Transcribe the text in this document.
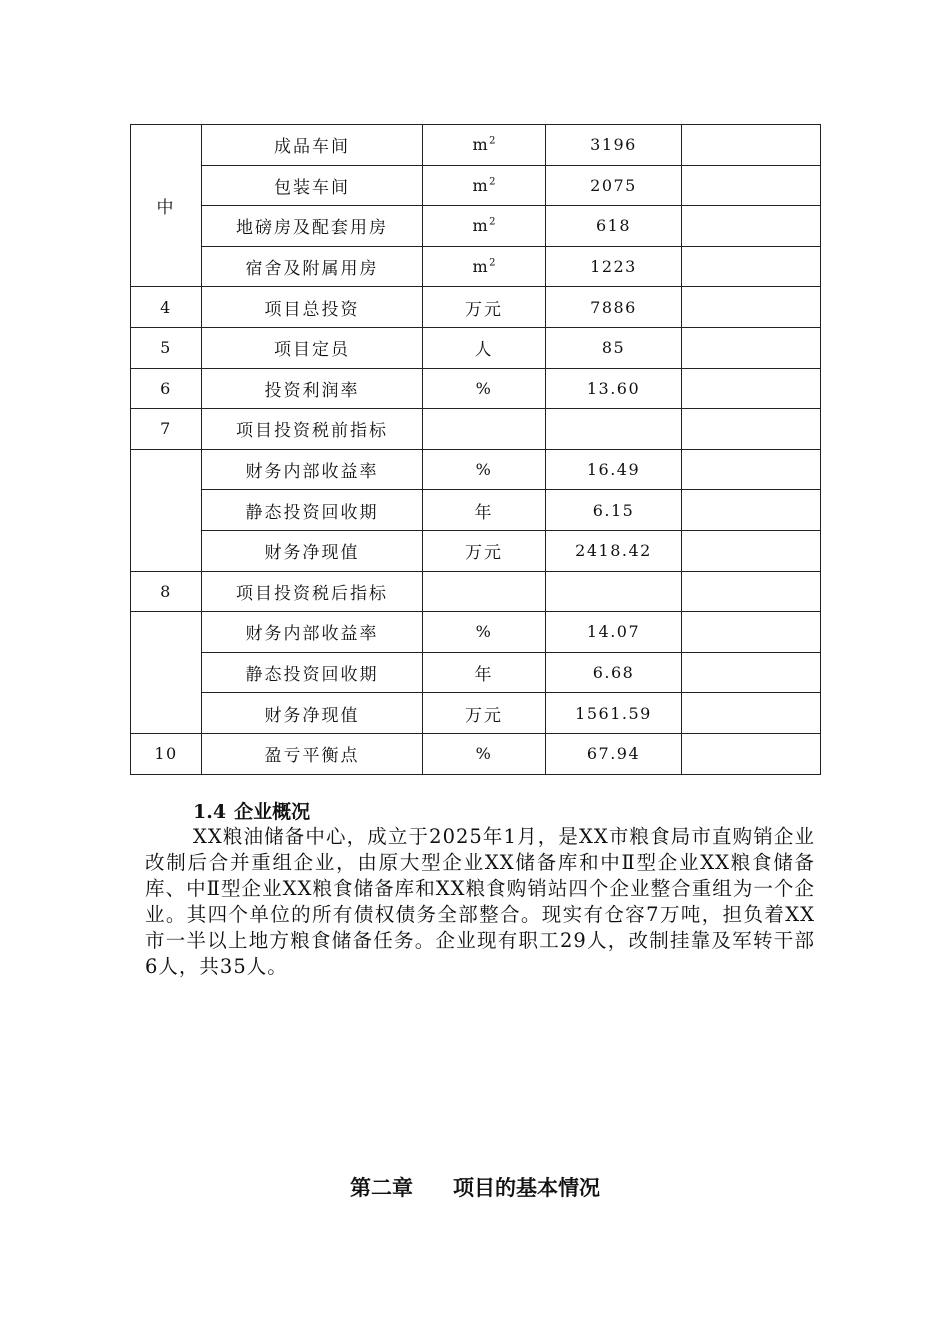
中	成品车间	$m^2$	3196	
	包装车间	$m^2$	2075	
	地磅房及配套用房	$m^2$	618	
	宿舍及附属用房	$m^2$	1223	
4	项目总投资	万元	7886	
5	项目定员	人	85	
6	投资利润率	%	13.60	
7	项目投资税前指标			
	财务内部收益率	%	16.49	
	静态投资回收期	年	6.15	
	财务净现值	万元	2418.42	
8	项目投资税后指标			
	财务内部收益率	%	14.07	
	静态投资回收期	年	6.68	
	财务净现值	万元	1561.59	
10	盈亏平衡点	%	67.94	

1.4 企业概况

XX粮油储备中心，成立于2025年1月，是XX市粮食局市直购销企业改制后合并重组企业，由原大型企业XX储备库和中Ⅱ型企业XX粮食储备库、中Ⅱ型企业XX粮食储备库和XX粮食购销站四个企业整合重组为一个企业。其四个单位的所有债权债务全部整合。现实有仓容7万吨，担负着XX市一半以上地方粮食储备任务。企业现有职工29人，改制挂靠及军转干部6人，共35人。

第二章 项目的基本情况
